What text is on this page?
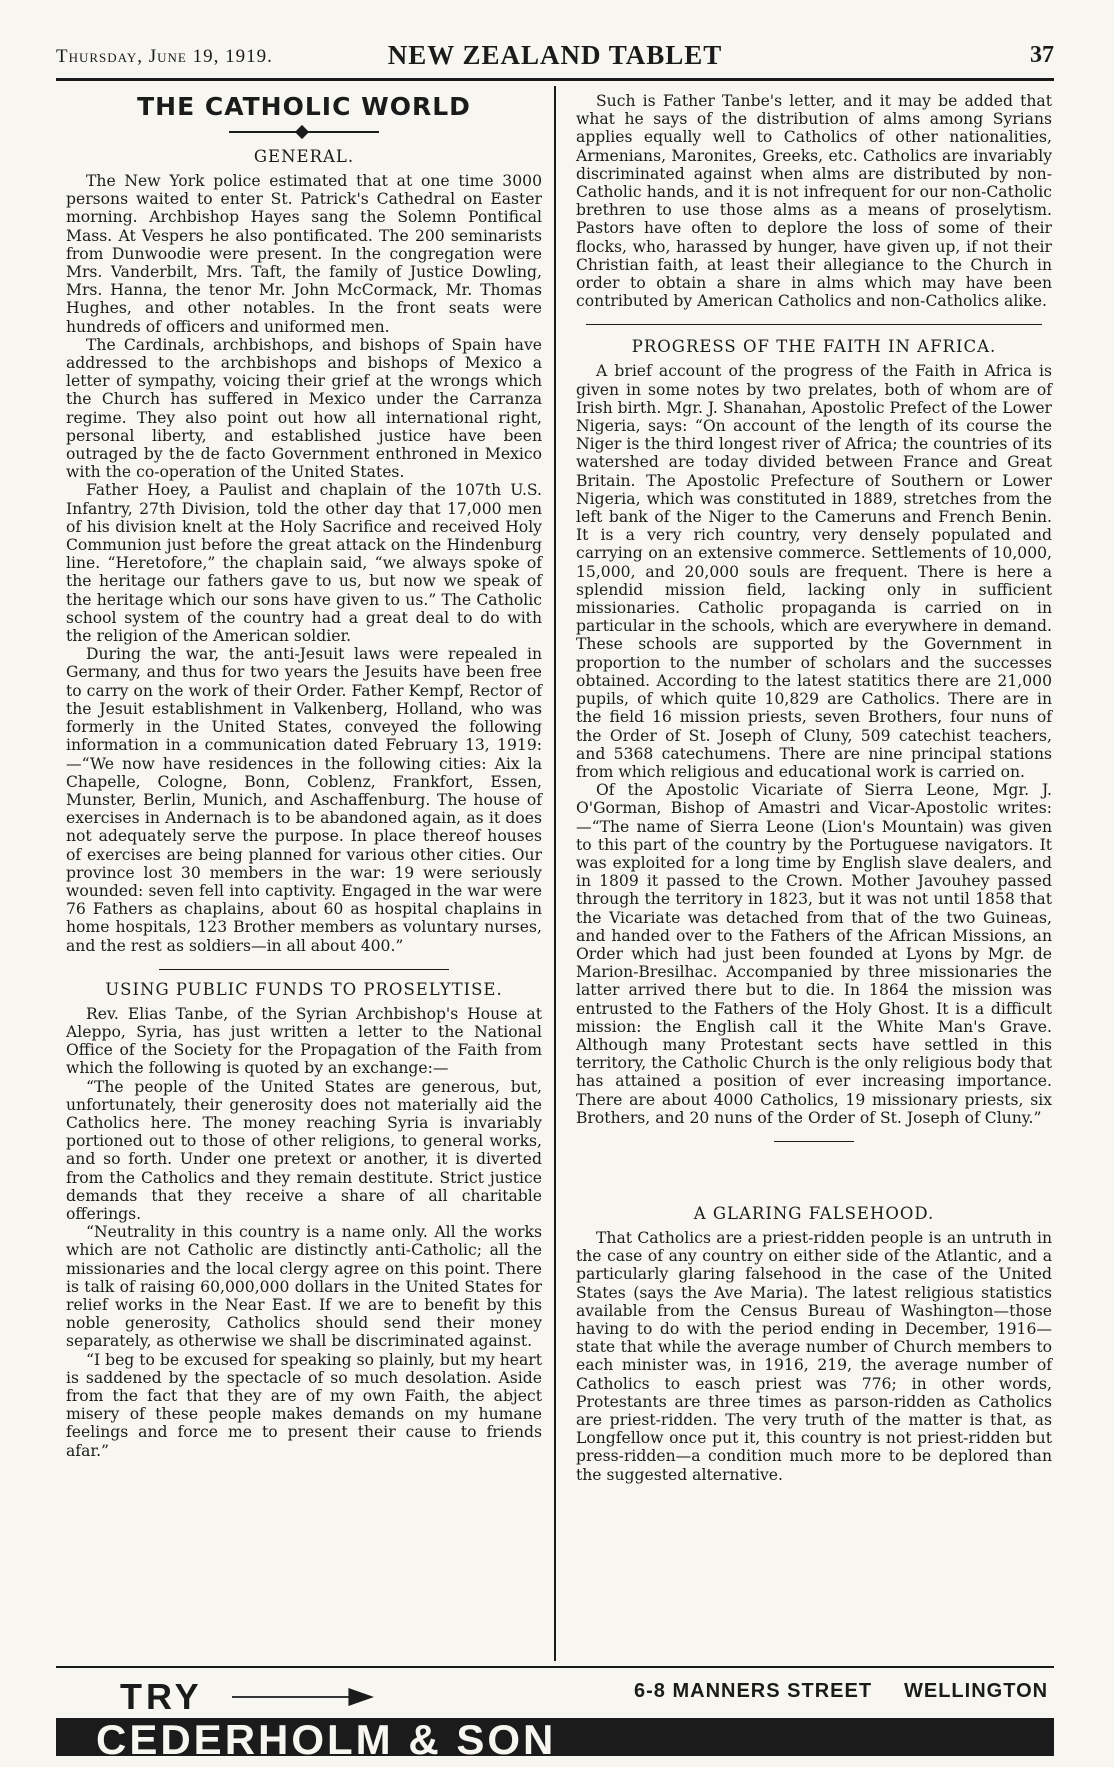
Thursday, June 19, 1919.	NEW ZEALAND TABLET	37
THE CATHOLIC WORLD
GENERAL.

The New York police estimated that at one time 3000 persons waited to enter St. Patrick's Cathedral on Easter morning. Archbishop Hayes sang the Solemn Pontifical Mass. At Vespers he also pontificated. The 200 seminarists from Dunwoodie were present. In the congregation were Mrs. Vanderbilt, Mrs. Taft, the family of Justice Dowling, Mrs. Hanna, the tenor Mr. John McCormack, Mr. Thomas Hughes, and other notables. In the front seats were hundreds of officers and uniformed men.

The Cardinals, archbishops, and bishops of Spain have addressed to the archbishops and bishops of Mexico a letter of sympathy, voicing their grief at the wrongs which the Church has suffered in Mexico under the Carranza regime. They also point out how all international right, personal liberty, and established justice have been outraged by the de facto Government enthroned in Mexico with the co-operation of the United States.

Father Hoey, a Paulist and chaplain of the 107th U.S. Infantry, 27th Division, told the other day that 17,000 men of his division knelt at the Holy Sacrifice and received Holy Communion just before the great attack on the Hindenburg line. “Heretofore,” the chaplain said, “we always spoke of the heritage our fathers gave to us, but now we speak of the heritage which our sons have given to us.” The Catholic school system of the country had a great deal to do with the religion of the American soldier.

During the war, the anti-Jesuit laws were repealed in Germany, and thus for two years the Jesuits have been free to carry on the work of their Order. Father Kempf, Rector of the Jesuit establishment in Valkenberg, Holland, who was formerly in the United States, conveyed the following information in a communication dated February 13, 1919:—“We now have residences in the following cities: Aix la Chapelle, Cologne, Bonn, Coblenz, Frankfort, Essen, Munster, Berlin, Munich, and Aschaffenburg. The house of exercises in Andernach is to be abandoned again, as it does not adequately serve the purpose. In place thereof houses of exercises are being planned for various other cities. Our province lost 30 members in the war: 19 were seriously wounded: seven fell into captivity. Engaged in the war were 76 Fathers as chaplains, about 60 as hospital chaplains in home hospitals, 123 Brother members as voluntary nurses, and the rest as soldiers—in all about 400.”

USING PUBLIC FUNDS TO PROSELYTISE.

Rev. Elias Tanbe, of the Syrian Archbishop's House at Aleppo, Syria, has just written a letter to the National Office of the Society for the Propagation of the Faith from which the following is quoted by an exchange:—

“The people of the United States are generous, but, unfortunately, their generosity does not materially aid the Catholics here. The money reaching Syria is invariably portioned out to those of other religions, to general works, and so forth. Under one pretext or another, it is diverted from the Catholics and they remain destitute. Strict justice demands that they receive a share of all charitable offerings.

“Neutrality in this country is a name only. All the works which are not Catholic are distinctly anti-Catholic; all the missionaries and the local clergy agree on this point. There is talk of raising 60,000,000 dollars in the United States for relief works in the Near East. If we are to benefit by this noble generosity, Catholics should send their money separately, as otherwise we shall be discriminated against.

“I beg to be excused for speaking so plainly, but my heart is saddened by the spectacle of so much desolation. Aside from the fact that they are of my own Faith, the abject misery of these people makes demands on my humane feelings and force me to present their cause to friends afar.”

Such is Father Tanbe's letter, and it may be added that what he says of the distribution of alms among Syrians applies equally well to Catholics of other nationalities, Armenians, Maronites, Greeks, etc. Catholics are invariably discriminated against when alms are distributed by non-Catholic hands, and it is not infrequent for our non-Catholic brethren to use those alms as a means of proselytism. Pastors have often to deplore the loss of some of their flocks, who, harassed by hunger, have given up, if not their Christian faith, at least their allegiance to the Church in order to obtain a share in alms which may have been contributed by American Catholics and non-Catholics alike.

PROGRESS OF THE FAITH IN AFRICA.

A brief account of the progress of the Faith in Africa is given in some notes by two prelates, both of whom are of Irish birth. Mgr. J. Shanahan, Apostolic Prefect of the Lower Nigeria, says: “On account of the length of its course the Niger is the third longest river of Africa; the countries of its watershed are today divided between France and Great Britain. The Apostolic Prefecture of Southern or Lower Nigeria, which was constituted in 1889, stretches from the left bank of the Niger to the Cameruns and French Benin. It is a very rich country, very densely populated and carrying on an extensive commerce. Settlements of 10,000, 15,000, and 20,000 souls are frequent. There is here a splendid mission field, lacking only in sufficient missionaries. Catholic propaganda is carried on in particular in the schools, which are everywhere in demand. These schools are supported by the Government in proportion to the number of scholars and the successes obtained. According to the latest statitics there are 21,000 pupils, of which quite 10,829 are Catholics. There are in the field 16 mission priests, seven Brothers, four nuns of the Order of St. Joseph of Cluny, 509 catechist teachers, and 5368 catechumens. There are nine principal stations from which religious and educational work is carried on.

Of the Apostolic Vicariate of Sierra Leone, Mgr. J. O'Gorman, Bishop of Amastri and Vicar-Apostolic writes:—“The name of Sierra Leone (Lion's Mountain) was given to this part of the country by the Portuguese navigators. It was exploited for a long time by English slave dealers, and in 1809 it passed to the Crown. Mother Javouhey passed through the territory in 1823, but it was not until 1858 that the Vicariate was detached from that of the two Guineas, and handed over to the Fathers of the African Missions, an Order which had just been founded at Lyons by Mgr. de Marion-Bresilhac. Accompanied by three missionaries the latter arrived there but to die. In 1864 the mission was entrusted to the Fathers of the Holy Ghost. It is a difficult mission: the English call it the White Man's Grave. Although many Protestant sects have settled in this territory, the Catholic Church is the only religious body that has attained a position of ever increasing importance. There are about 4000 Catholics, 19 missionary priests, six Brothers, and 20 nuns of the Order of St. Joseph of Cluny.”

A GLARING FALSEHOOD.

That Catholics are a priest-ridden people is an untruth in the case of any country on either side of the Atlantic, and a particularly glaring falsehood in the case of the United States (says the Ave Maria). The latest religious statistics available from the Census Bureau of Washington—those having to do with the period ending in December, 1916—state that while the average number of Church members to each minister was, in 1916, 219, the average number of Catholics to easch priest was 776; in other words, Protestants are three times as parson-ridden as Catholics are priest-ridden. The very truth of the matter is that, as Longfellow once put it, this country is not priest-ridden but press-ridden—a condition much more to be deplored than the suggested alternative.

TRY	6-8 MANNERS STREET WELLINGTON
CEDERHOLM & SON
